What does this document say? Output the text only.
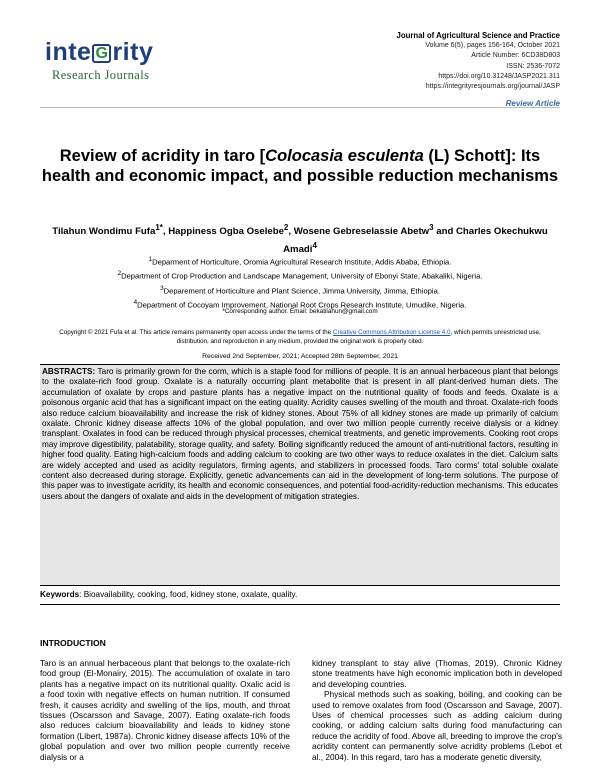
inte G rity
Research Journals
Journal of Agricultural Science and Practice
Volume 6(5), pages 156-164, October 2021
Article Number: 6CD38D803
ISSN: 2536-7072
https://doi.org/10.31248/JASP2021.311
https://integrityresjournals.org/journal/JASP
Review Article
Review of acridity in taro [Colocasia esculenta (L) Schott]: Its health and economic impact, and possible reduction mechanisms
Tilahun Wondimu Fufa$^{1*}$, Happiness Ogba Oselebe$^2$, Wosene Gebreselassie Abetw$^3$ and Charles Okechukwu Amadi$^4$
$^1$Deparment of Horticulture, Oromia Agricultural Research Institute, Addis Ababa, Ethiopia.
$^2$Department of Crop Production and Landscape Management, University of Ebonyi State, Abakaliki, Nigeria.
$^3$Deparement of Horticulture and Plant Science, Jimma University, Jimma, Ethiopia.
$^4$Department of Cocoyam Improvement, National Root Crops Research Institute, Umudike, Nigeria.
*Corresponding author. Email: bekatilahun@gmail.com
Copyright © 2021 Fufa et al. This article remains permanently open access under the terms of the Creative Commons Attribution License 4.0, which permits unrestricted use, distribution, and reproduction in any medium, provided the original work is properly cited.
Received 2nd September, 2021; Accepted 28th September, 2021
ABSTRACTS: Taro is primarily grown for the corm, which is a staple food for millions of people. It is an annual herbaceous plant that belongs to the oxalate-rich food group. Oxalate is a naturally occurring plant metabolite that is present in all plant-derived human diets. The accumulation of oxalate by crops and pasture plants has a negative impact on the nutritional quality of foods and feeds. Oxalate is a poisonous organic acid that has a significant impact on the eating quality. Acridity causes swelling of the mouth and throat. Oxalate-rich foods also reduce calcium bioavailability and increase the risk of kidney stones. About 75% of all kidney stones are made up primarily of calcium oxalate. Chronic kidney disease affects 10% of the global population, and over two million people currently receive dialysis or a kidney transplant. Oxalates in food can be reduced through physical processes, chemical treatments, and genetic improvements. Cooking root crops may improve digestibility, palatability, storage quality, and safety. Boiling significantly reduced the amount of anti-nutritional factors, resulting in higher food quality. Eating high-calcium foods and adding calcium to cooking are two other ways to reduce oxalates in the diet. Calcium salts are widely accepted and used as acidity regulators, firming agents, and stabilizers in processed foods. Taro corms' total soluble oxalate content also decreased during storage. Explicitly, genetic advancements can aid in the development of long-term solutions. The purpose of this paper was to investigate acridity, its health and economic consequences, and potential food-acridity-reduction mechanisms. This educates users about the dangers of oxalate and aids in the development of mitigation strategies.
Keywords: Bioavailability, cooking, food, kidney stone, oxalate, quality.
INTRODUCTION

Taro is an annual herbaceous plant that belongs to the oxalate-rich food group (El-Monairy, 2015). The accumulation of oxalate in taro plants has a negative impact on its nutritional quality. Oxalic acid is a food toxin with negative effects on human nutrition. If consumed fresh, it causes acridity and swelling of the lips, mouth, and throat tissues (Oscarsson and Savage, 2007). Eating oxalate-rich foods also reduces calcium bioavailability and leads to kidney stone formation (Libert, 1987a). Chronic kidney disease affects 10% of the global population and over two million people currently receive dialysis or a

kidney transplant to stay alive (Thomas, 2019). Chronic Kidney stone treatments have high economic implication both in developed and developing countries.

Physical methods such as soaking, boiling, and cooking can be used to remove oxalates from food (Oscarsson and Savage, 2007). Uses of chemical processes such as adding calcium during cooking, or adding calcium salts during food manufacturing can reduce the acridity of food. Above all, breeding to improve the crop's acridity content can permanently solve acridity problems (Lebot et al., 2004). In this regard, taro has a moderate genetic diversity,
